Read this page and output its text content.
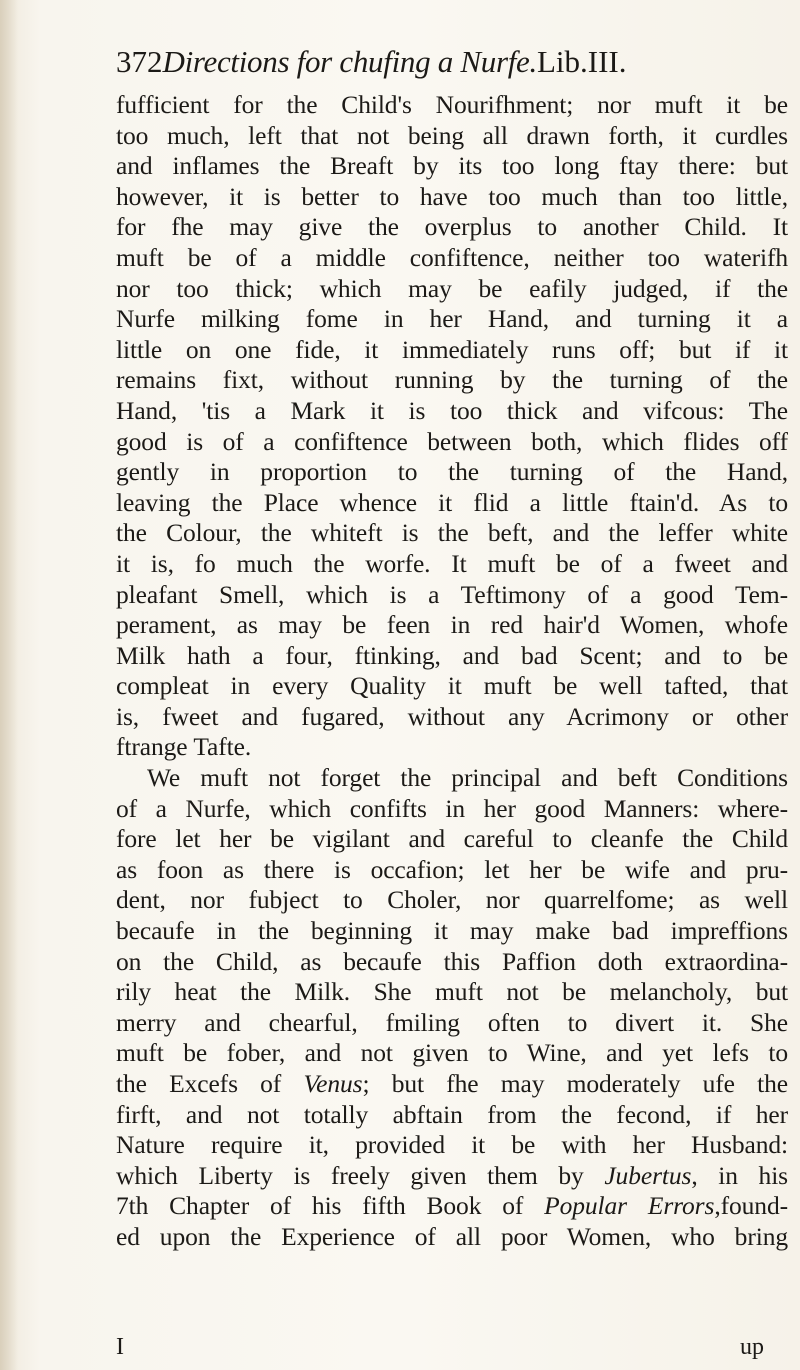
372Directions for chufing a Nurfe.Lib.III.
fufficient for the Child's Nourifhment; nor muft it be
too much, left that not being all drawn forth, it curdles
and inflames the Breaft by its too long ftay there: but
however, it is better to have too much than too little,
for fhe may give the overplus to another Child. It
muft be of a middle confiftence, neither too waterifh
nor too thick; which may be eafily judged, if the
Nurfe milking fome in her Hand, and turning it a
little on one fide, it immediately runs off; but if it
remains fixt, without running by the turning of the
Hand, 'tis a Mark it is too thick and vifcous: The
good is of a confiftence between both, which flides off
gently in proportion to the turning of the Hand,
leaving the Place whence it flid a little ftain'd. As to
the Colour, the whiteft is the beft, and the leffer white
it is, fo much the worfe. It muft be of a fweet and
pleafant Smell, which is a Teftimony of a good Tem-
perament, as may be feen in red hair'd Women, whofe
Milk hath a four, ftinking, and bad Scent; and to be
compleat in every Quality it muft be well tafted, that
is, fweet and fugared, without any Acrimony or other
ftrange Tafte.
We muft not forget the principal and beft Conditions
of a Nurfe, which confifts in her good Manners: where-
fore let her be vigilant and careful to cleanfe the Child
as foon as there is occafion; let her be wife and pru-
dent, nor fubject to Choler, nor quarrelfome; as well
becaufe in the beginning it may make bad impreffions
on the Child, as becaufe this Paffion doth extraordina-
rily heat the Milk. She muft not be melancholy, but
merry and chearful, fmiling often to divert it. She
muft be fober, and not given to Wine, and yet lefs to
the Excefs of Venus; but fhe may moderately ufe the
firft, and not totally abftain from the fecond, if her
Nature require it, provided it be with her Husband:
which Liberty is freely given them by Jubertus, in his
7th Chapter of his fifth Book of Popular Errors,found-
ed upon the Experience of all poor Women, who bring
I	up
